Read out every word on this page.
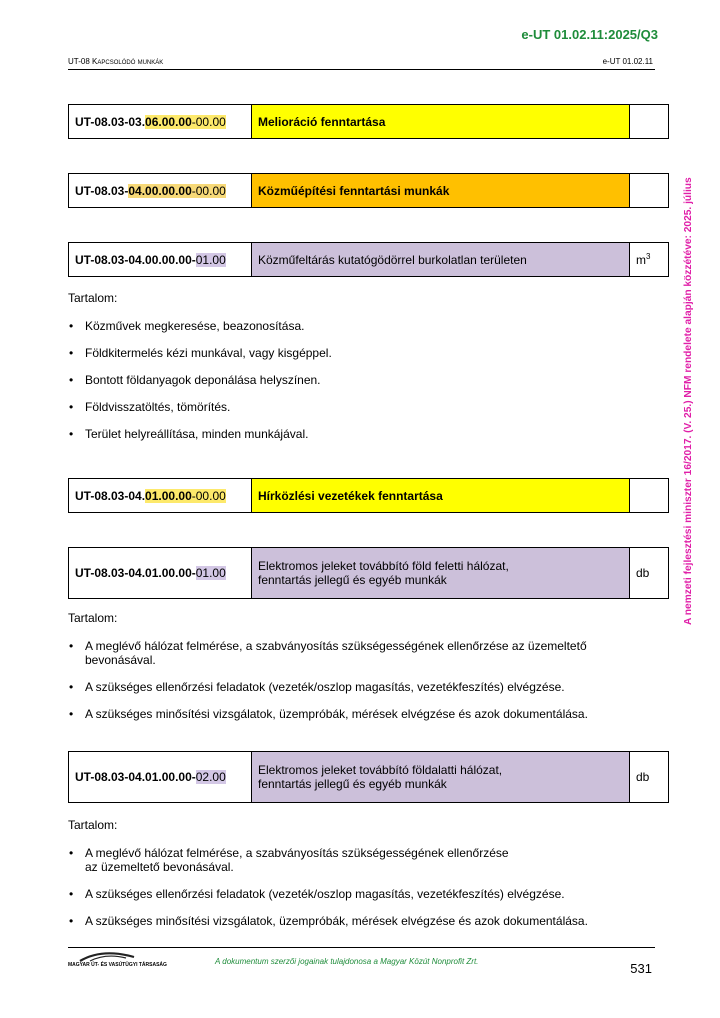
e-UT 01.02.11:2025/Q3
UT-08 Kapcsolódó munkák	e-UT 01.02.11
A nemzeti fejlesztési miniszter 16/2017. (V. 25.) NFM rendelete alapján közzétéve: 2025. július
UT-08.03-03.06.00.00-00.00	Melioráció fenntartása	
UT-08.03-04.00.00.00-00.00	Közműépítési fenntartási munkák	
UT-08.03-04.00.00.00-01.00	Közműfeltárás kutatógödörrel burkolatlan területen	$m^3$
Tartalom:
• Közművek megkeresése, beazonosítása.
• Földkitermelés kézi munkával, vagy kisgéppel.
• Bontott földanyagok deponálása helyszínen.
• Földvisszatöltés, tömörítés.
• Terület helyreállítása, minden munkájával.
UT-08.03-04.01.00.00-00.00	Hírközlési vezetékek fenntartása	
UT-08.03-04.01.00.00-01.00	Elektromos jeleket továbbító föld feletti hálózat,
fenntartás jellegű és egyéb munkák	db
Tartalom:
• A meglévő hálózat felmérése, a szabványosítás szükségességének ellenőrzése az üzemeltető bevonásával.
• A szükséges ellenőrzési feladatok (vezeték/oszlop magasítás, vezetékfeszítés) elvégzése.
• A szükséges minősítési vizsgálatok, üzempróbák, mérések elvégzése és azok dokumentálása.
UT-08.03-04.01.00.00-02.00	Elektromos jeleket továbbító földalatti hálózat,
fenntartás jellegű és egyéb munkák	db
Tartalom:
• A meglévő hálózat felmérése, a szabványosítás szükségességének ellenőrzése
az üzemeltető bevonásával.
• A szükséges ellenőrzési feladatok (vezeték/oszlop magasítás, vezetékfeszítés) elvégzése.
• A szükséges minősítési vizsgálatok, üzempróbák, mérések elvégzése és azok dokumentálása.
MAGYAR ÚT- ÉS VASÚTÜGYI TÁRSASÁG	A dokumentum szerzői jogainak tulajdonosa a Magyar Közút Nonprofit Zrt.	531
